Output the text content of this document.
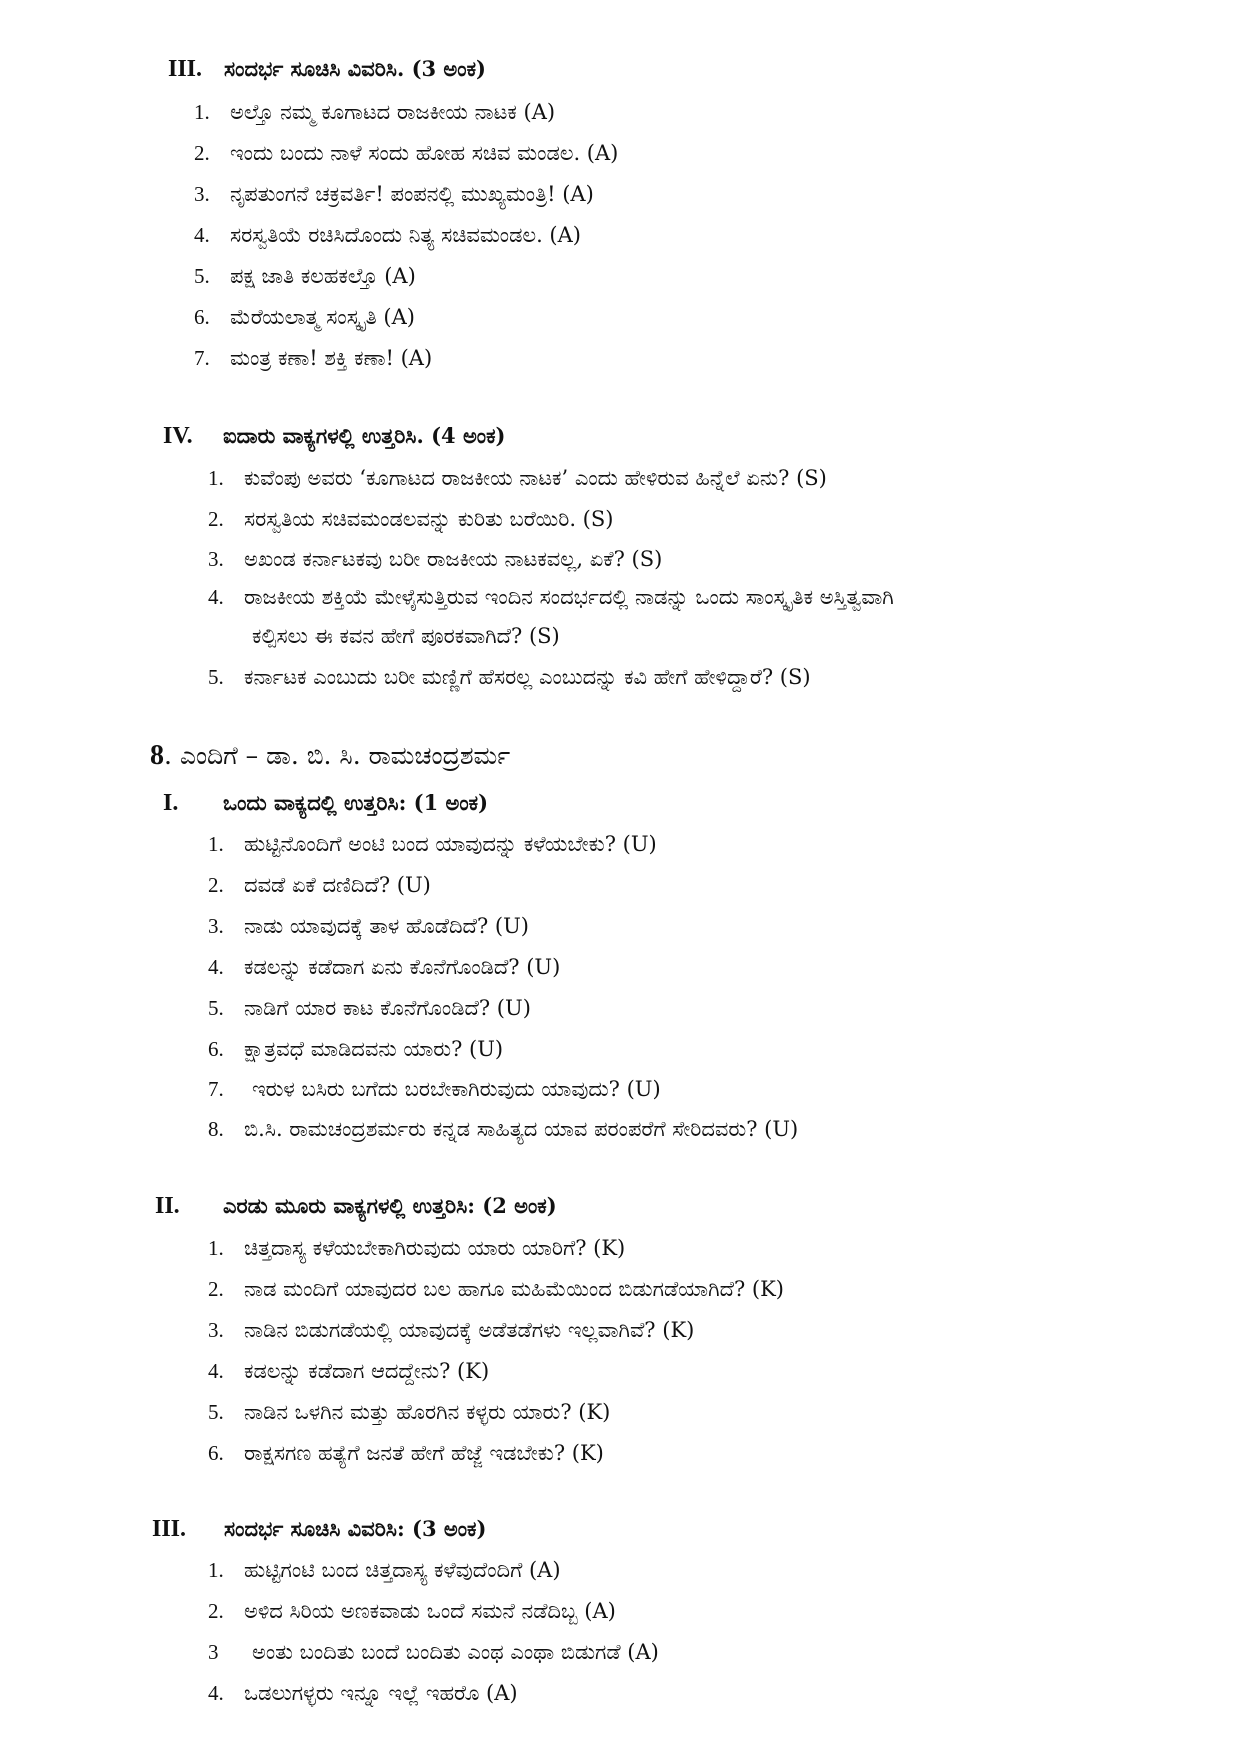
III. ಸಂದರ್ಭ ಸೂಚಿಸಿ ವಿವರಿಸಿ. (3 ಅಂಕ)
1. ಅಲ್ತೊ ನಮ್ಮ ಕೂಗಾಟದ ರಾಜಕೀಯ ನಾಟಕ (A)
2. ಇಂದು ಬಂದು ನಾಳೆ ಸಂದು ಹೋಹ ಸಚಿವ ಮಂಡಲ. (A)
3. ನೃಪತುಂಗನೆ ಚಕ್ರವರ್ತಿ! ಪಂಪನಲ್ಲಿ ಮುಖ್ಯಮಂತ್ರಿ! (A)
4. ಸರಸ್ವತಿಯೆ ರಚಿಸಿದೊಂದು ನಿತ್ಯ ಸಚಿವಮಂಡಲ. (A)
5. ಪಕ್ಷ ಜಾತಿ ಕಲಹಕಲ್ತೊ (A)
6. ಮೆರೆಯಲಾತ್ಮ ಸಂಸ್ಕೃತಿ (A)
7. ಮಂತ್ರ ಕಣಾ! ಶಕ್ತಿ ಕಣಾ! (A)
IV. ಐದಾರು ವಾಕ್ಯಗಳಲ್ಲಿ ಉತ್ತರಿಸಿ. (4 ಅಂಕ)
1. ಕುವೆಂಪು ಅವರು ‘ಕೂಗಾಟದ ರಾಜಕೀಯ ನಾಟಕ’ ಎಂದು ಹೇಳಿರುವ ಹಿನ್ನೆಲೆ ಏನು? (S)
2. ಸರಸ್ವತಿಯ ಸಚಿವಮಂಡಲವನ್ನು ಕುರಿತು ಬರೆಯಿರಿ. (S)
3. ಅಖಂಡ ಕರ್ನಾಟಕವು ಬರೀ ರಾಜಕೀಯ ನಾಟಕವಲ್ಲ, ಏಕೆ? (S)
4. ರಾಜಕೀಯ ಶಕ್ತಿಯೆ ಮೇಳೈಸುತ್ತಿರುವ ಇಂದಿನ ಸಂದರ್ಭದಲ್ಲಿ ನಾಡನ್ನು ಒಂದು ಸಾಂಸ್ಕೃತಿಕ ಅಸ್ತಿತ್ವವಾಗಿ
ಕಲ್ಪಿಸಲು ಈ ಕವನ ಹೇಗೆ ಪೂರಕವಾಗಿದೆ? (S)
5. ಕರ್ನಾಟಕ ಎಂಬುದು ಬರೀ ಮಣ್ಣಿಗೆ ಹೆಸರಲ್ಲ ಎಂಬುದನ್ನು ಕವಿ ಹೇಗೆ ಹೇಳಿದ್ದಾರೆ? (S)
8. ಎಂದಿಗೆ – ಡಾ. ಬಿ. ಸಿ. ರಾಮಚಂದ್ರಶರ್ಮ
I. ಒಂದು ವಾಕ್ಯದಲ್ಲಿ ಉತ್ತರಿಸಿ: (1 ಅಂಕ)
1. ಹುಟ್ಟಿನೊಂದಿಗೆ ಅಂಟಿ ಬಂದ ಯಾವುದನ್ನು ಕಳೆಯಬೇಕು? (U)
2. ದವಡೆ ಏಕೆ ದಣಿದಿದೆ? (U)
3. ನಾಡು ಯಾವುದಕ್ಕೆ ತಾಳ ಹೊಡೆದಿದೆ? (U)
4. ಕಡಲನ್ನು ಕಡೆದಾಗ ಏನು ಕೊನೆಗೊಂಡಿದೆ? (U)
5. ನಾಡಿಗೆ ಯಾರ ಕಾಟ ಕೊನೆಗೊಂಡಿದೆ? (U)
6. ಕ್ಷಾತ್ರವಧೆ ಮಾಡಿದವನು ಯಾರು? (U)
7. ಇರುಳ ಬಸಿರು ಬಗೆದು ಬರಬೇಕಾಗಿರುವುದು ಯಾವುದು? (U)
8. ಬಿ.ಸಿ. ರಾಮಚಂದ್ರಶರ್ಮರು ಕನ್ನಡ ಸಾಹಿತ್ಯದ ಯಾವ ಪರಂಪರೆಗೆ ಸೇರಿದವರು? (U)
II. ಎರಡು ಮೂರು ವಾಕ್ಯಗಳಲ್ಲಿ ಉತ್ತರಿಸಿ: (2 ಅಂಕ)
1. ಚಿತ್ತದಾಸ್ಯ ಕಳೆಯಬೇಕಾಗಿರುವುದು ಯಾರು ಯಾರಿಗೆ? (K)
2. ನಾಡ ಮಂದಿಗೆ ಯಾವುದರ ಬಲ ಹಾಗೂ ಮಹಿಮೆಯಿಂದ ಬಿಡುಗಡೆಯಾಗಿದೆ? (K)
3. ನಾಡಿನ ಬಿಡುಗಡೆಯಲ್ಲಿ ಯಾವುದಕ್ಕೆ ಅಡೆತಡೆಗಳು ಇಲ್ಲವಾಗಿವೆ? (K)
4. ಕಡಲನ್ನು ಕಡೆದಾಗ ಆದದ್ದೇನು? (K)
5. ನಾಡಿನ ಒಳಗಿನ ಮತ್ತು ಹೊರಗಿನ ಕಳ್ಳರು ಯಾರು? (K)
6. ರಾಕ್ಷಸಗಣ ಹತ್ಯೆಗೆ ಜನತೆ ಹೇಗೆ ಹೆಜ್ಜೆ ಇಡಬೇಕು? (K)
III. ಸಂದರ್ಭ ಸೂಚಿಸಿ ವಿವರಿಸಿ: (3 ಅಂಕ)
1. ಹುಟ್ಟಿಗಂಟಿ ಬಂದ ಚಿತ್ತದಾಸ್ಯ ಕಳೆವುದೆಂದಿಗೆ (A)
2. ಅಳಿದ ಸಿರಿಯ ಅಣಕವಾಡು ಒಂದೆ ಸಮನೆ ನಡೆದಿಬ್ಬ (A)
3 ಅಂತು ಬಂದಿತು ಬಂದೆ ಬಂದಿತು ಎಂಥ ಎಂಥಾ ಬಿಡುಗಡೆ (A)
4. ಒಡಲುಗಳ್ಳರು ಇನ್ನೂ ಇಲ್ಲೆ ಇಹರೊ (A)
